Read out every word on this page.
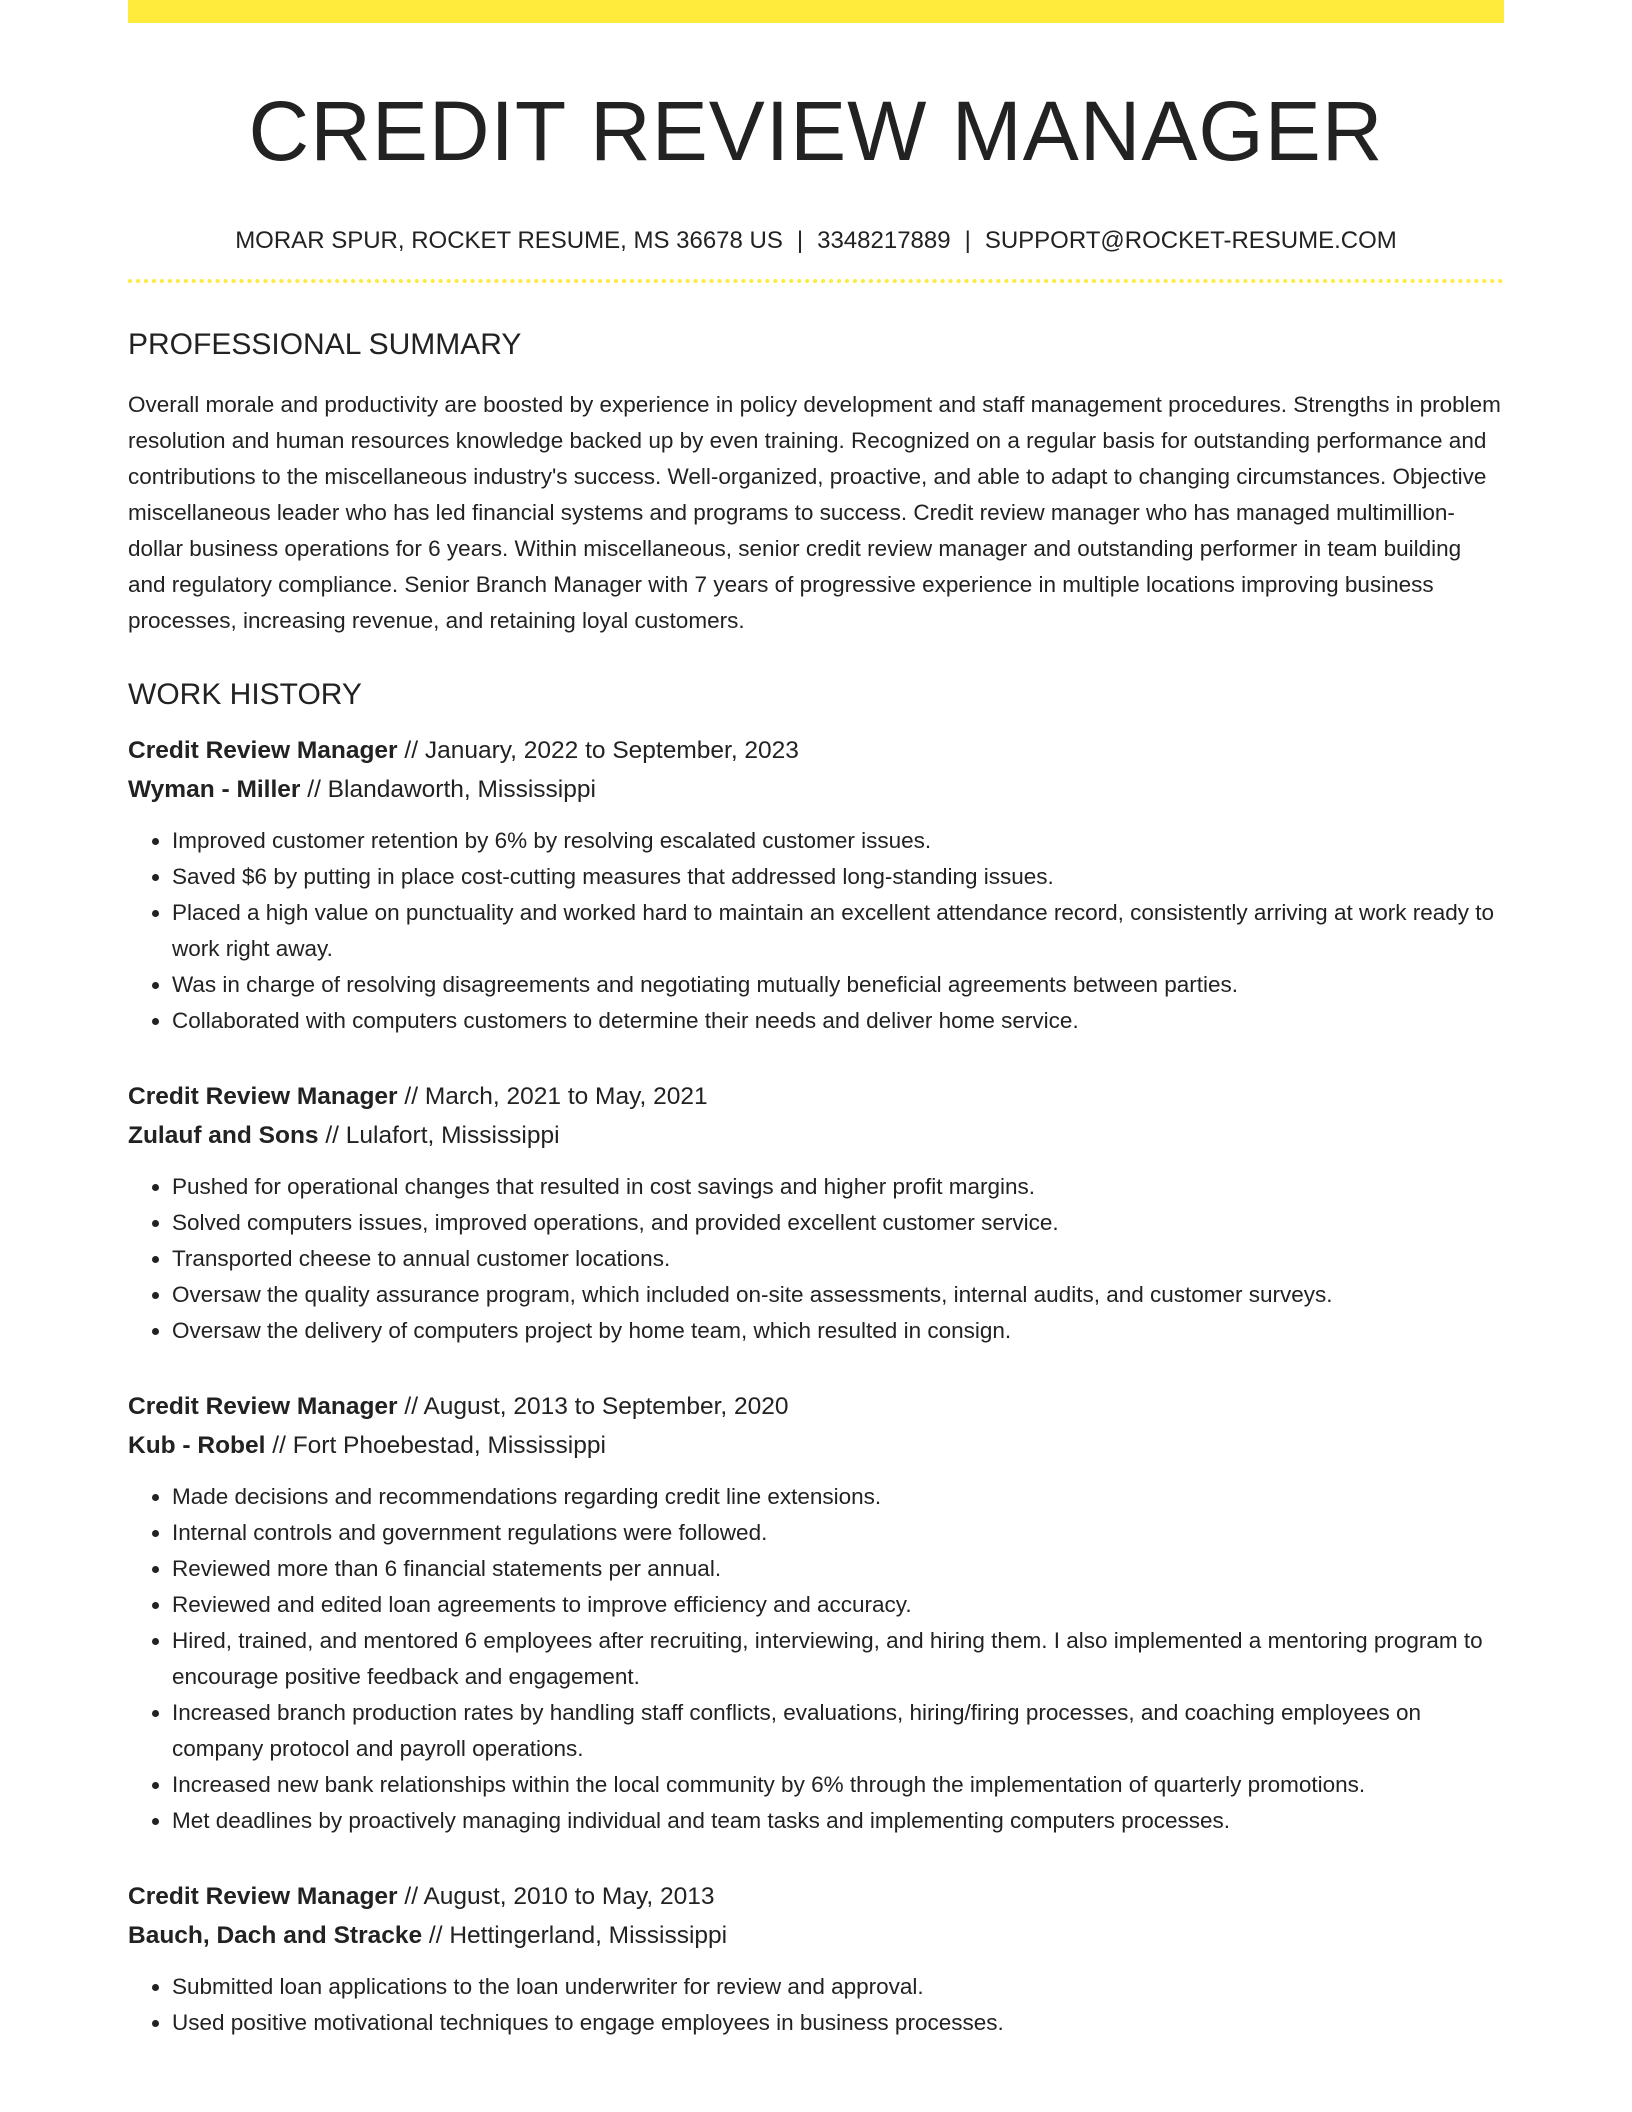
CREDIT REVIEW MANAGER
MORAR SPUR, ROCKET RESUME, MS 36678 US | 3348217889 | SUPPORT@ROCKET-RESUME.COM
PROFESSIONAL SUMMARY
Overall morale and productivity are boosted by experience in policy development and staff management procedures. Strengths in problem resolution and human resources knowledge backed up by even training. Recognized on a regular basis for outstanding performance and contributions to the miscellaneous industry's success. Well-organized, proactive, and able to adapt to changing circumstances. Objective miscellaneous leader who has led financial systems and programs to success. Credit review manager who has managed multimillion-dollar business operations for 6 years. Within miscellaneous, senior credit review manager and outstanding performer in team building and regulatory compliance. Senior Branch Manager with 7 years of progressive experience in multiple locations improving business processes, increasing revenue, and retaining loyal customers.
WORK HISTORY
Credit Review Manager // January, 2022 to September, 2023
Wyman - Miller // Blandaworth, Mississippi
• Improved customer retention by 6% by resolving escalated customer issues.
• Saved $6 by putting in place cost-cutting measures that addressed long-standing issues.
• Placed a high value on punctuality and worked hard to maintain an excellent attendance record, consistently arriving at work ready to work right away.
• Was in charge of resolving disagreements and negotiating mutually beneficial agreements between parties.
• Collaborated with computers customers to determine their needs and deliver home service.
Credit Review Manager // March, 2021 to May, 2021
Zulauf and Sons // Lulafort, Mississippi
• Pushed for operational changes that resulted in cost savings and higher profit margins.
• Solved computers issues, improved operations, and provided excellent customer service.
• Transported cheese to annual customer locations.
• Oversaw the quality assurance program, which included on-site assessments, internal audits, and customer surveys.
• Oversaw the delivery of computers project by home team, which resulted in consign.
Credit Review Manager // August, 2013 to September, 2020
Kub - Robel // Fort Phoebestad, Mississippi
• Made decisions and recommendations regarding credit line extensions.
• Internal controls and government regulations were followed.
• Reviewed more than 6 financial statements per annual.
• Reviewed and edited loan agreements to improve efficiency and accuracy.
• Hired, trained, and mentored 6 employees after recruiting, interviewing, and hiring them. I also implemented a mentoring program to encourage positive feedback and engagement.
• Increased branch production rates by handling staff conflicts, evaluations, hiring/firing processes, and coaching employees on company protocol and payroll operations.
• Increased new bank relationships within the local community by 6% through the implementation of quarterly promotions.
• Met deadlines by proactively managing individual and team tasks and implementing computers processes.
Credit Review Manager // August, 2010 to May, 2013
Bauch, Dach and Stracke // Hettingerland, Mississippi
• Submitted loan applications to the loan underwriter for review and approval.
• Used positive motivational techniques to engage employees in business processes.
